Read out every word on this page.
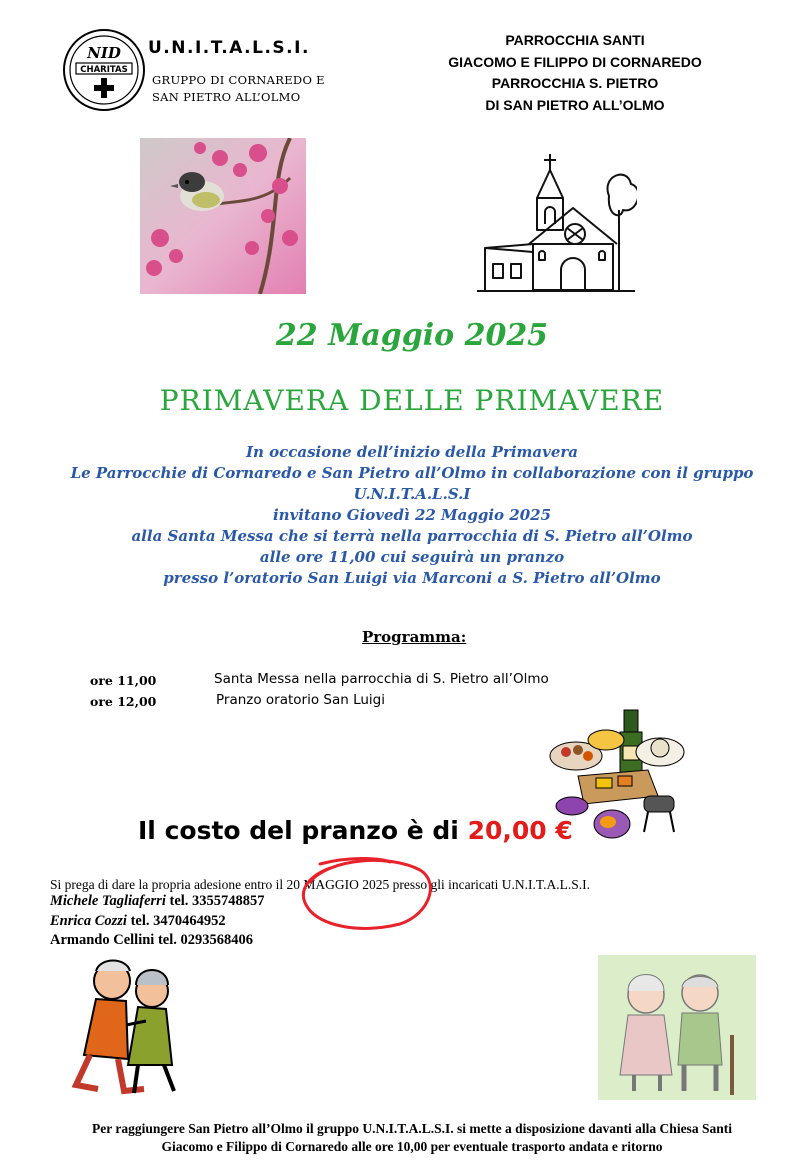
NID
CHARITAS
U.N.I.T.A.L.S.I.
GRUPPO DI CORNAREDO E
SAN PIETRO ALL’OLMO
PARROCCHIA SANTI
GIACOMO E FILIPPO DI CORNAREDO
PARROCCHIA S. PIETRO
DI SAN PIETRO ALL’OLMO
22 Maggio 2025
PRIMAVERA DELLE PRIMAVERE
In occasione dell’inizio della Primavera
Le Parrocchie di Cornaredo e San Pietro all’Olmo in collaborazione con il gruppo
U.N.I.T.A.L.S.I
invitano Giovedì 22 Maggio 2025
alla Santa Messa che si terrà nella parrocchia di S. Pietro all’Olmo
alle ore 11,00 cui seguirà un pranzo
presso l’oratorio San Luigi via Marconi a S. Pietro all’Olmo
Programma:
ore 11,00	Santa Messa nella parrocchia di S. Pietro all’Olmo
ore 12,00	Pranzo oratorio San Luigi
Il costo del pranzo è di 20,00 €
Si prega di dare la propria adesione entro il 20 MAGGIO 2025 presso gli incaricati U.N.I.T.A.L.S.I.
Michele Tagliaferri tel. 3355748857
Enrica Cozzi tel. 3470464952
Armando Cellini tel. 0293568406
Per raggiungere San Pietro all’Olmo il gruppo U.N.I.T.A.L.S.I. si mette a disposizione davanti alla Chiesa Santi
Giacomo e Filippo di Cornaredo alle ore 10,00 per eventuale trasporto andata e ritorno
